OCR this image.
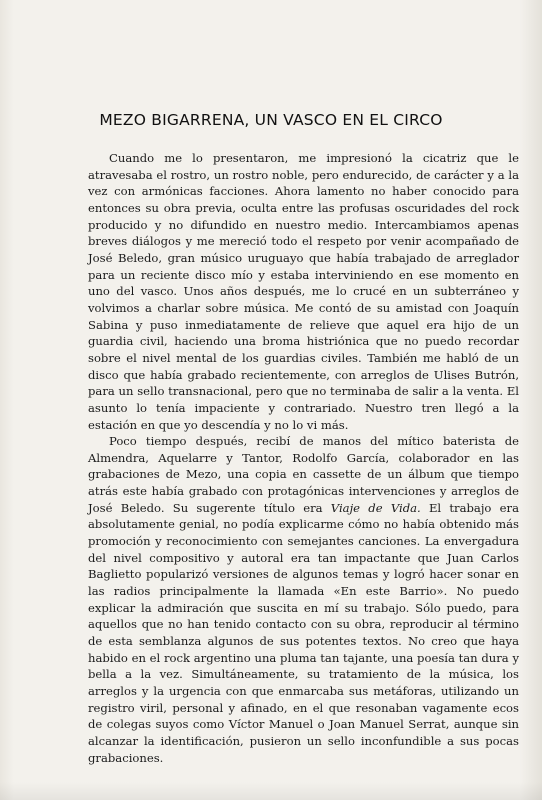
MEZO BIGARRENA, UN VASCO EN EL CIRCO

Cuando me lo presentaron, me impresionó la cicatriz que le atravesaba el rostro, un rostro noble, pero endurecido, de carácter y a la vez con armónicas facciones. Ahora lamento no haber conocido para entonces su obra previa, oculta entre las profusas oscuridades del rock producido y no difundido en nuestro medio. Intercambiamos apenas breves diálogos y me mereció todo el respeto por venir acompañado de José Beledo, gran músico uruguayo que había trabajado de arreglador para un reciente disco mío y estaba interviniendo en ese momento en uno del vasco. Unos años después, me lo crucé en un subterráneo y volvimos a charlar sobre música. Me contó de su amistad con Joaquín Sabina y puso inmediatamente de relieve que aquel era hijo de un guardia civil, haciendo una broma histriónica que no puedo recordar sobre el nivel mental de los guardias civiles. También me habló de un disco que había grabado recientemente, con arreglos de Ulises Butrón, para un sello transnacional, pero que no terminaba de salir a la venta. El asunto lo tenía impaciente y contrariado. Nuestro tren llegó a la estación en que yo descendía y no lo vi más.

Poco tiempo después, recibí de manos del mítico baterista de Almendra, Aquelarre y Tantor, Rodolfo García, colaborador en las grabaciones de Mezo, una copia en cassette de un álbum que tiempo atrás este había grabado con protagónicas intervenciones y arreglos de José Beledo. Su sugerente título era Viaje de Vida. El trabajo era absolutamente genial, no podía explicarme cómo no había obtenido más promoción y reconocimiento con semejantes canciones. La envergadura del nivel compositivo y autoral era tan impactante que Juan Carlos Baglietto popularizó versiones de algunos temas y logró hacer sonar en las radios principalmente la llamada «En este Barrio». No puedo explicar la admiración que suscita en mí su trabajo. Sólo puedo, para aquellos que no han tenido contacto con su obra, reproducir al término de esta semblanza algunos de sus potentes textos. No creo que haya habido en el rock argentino una pluma tan tajante, una poesía tan dura y bella a la vez. Simultáneamente, su tratamiento de la música, los arreglos y la urgencia con que enmarcaba sus metáforas, utilizando un registro viril, personal y afinado, en el que resonaban vagamente ecos de colegas suyos como Víctor Manuel o Joan Manuel Serrat, aunque sin alcanzar la identificación, pusieron un sello inconfundible a sus pocas grabaciones.
